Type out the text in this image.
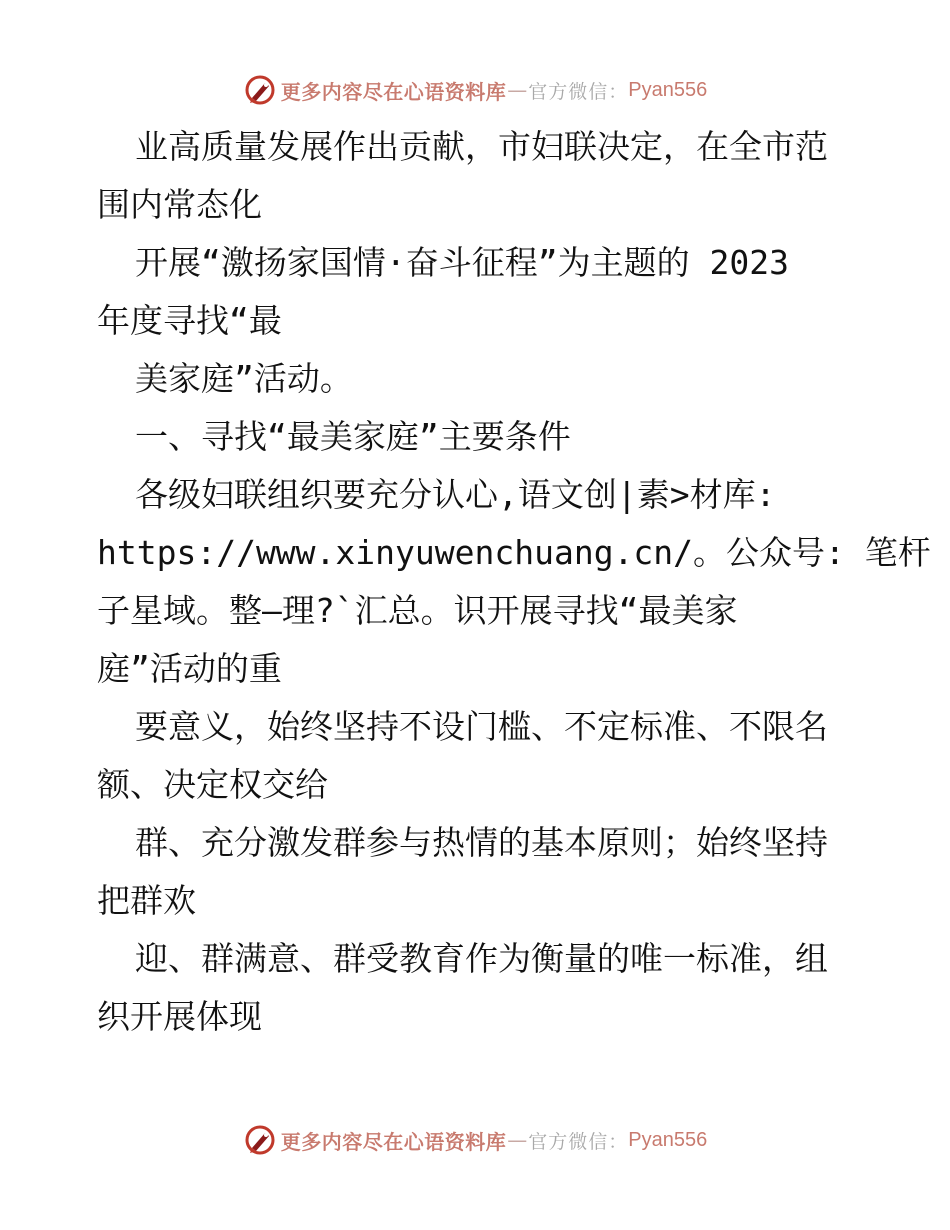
更多内容尽在心语资料库 — 官方微信： Pyan556
业高质量发展作出贡献，市妇联决定，在全市范
围内常态化
开展“激扬家国情·奋斗征程”为主题的 2023
年度寻找“最
美家庭”活动。
一、寻找“最美家庭”主要条件
各级妇联组织要充分认心,语文创|素>材库:
https://www.xinyuwenchuang.cn/。公众号: 笔杆
子星域。整—理?`汇总。识开展寻找“最美家
庭”活动的重
要意义，始终坚持不设门槛、不定标准、不限名
额、决定权交给
群、充分激发群参与热情的基本原则；始终坚持
把群欢
迎、群满意、群受教育作为衡量的唯一标准，组
织开展体现
更多内容尽在心语资料库 — 官方微信： Pyan556
